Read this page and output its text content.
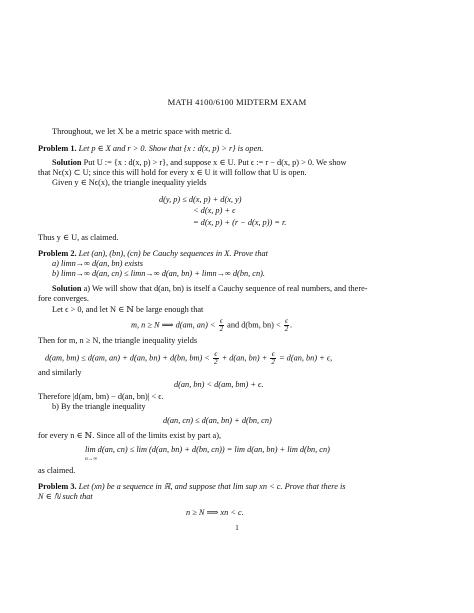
MATH 4100/6100 MIDTERM EXAM
Throughout, we let X be a metric space with metric d.
Problem 1. Let p ∈ X and r > 0. Show that {x : d(x, p) > r} is open.
Solution Put U := {x : d(x, p) > r}, and suppose x ∈ U. Put ϵ := r − d(x, p) > 0. We show
that Nϵ(x) ⊂ U; since this will hold for every x ∈ U it will follow that U is open.
Given y ∈ Nϵ(x), the triangle inequality yields
d(y, p) ≤ d(x, p) + d(x, y)
< d(x, p) + ϵ
= d(x, p) + (r − d(x, p)) = r.
Thus y ∈ U, as claimed.
Problem 2. Let (an), (bn), (cn) be Cauchy sequences in X. Prove that
a) limn→∞ d(an, bn) exists
b) limn→∞ d(an, cn) ≤ limn→∞ d(an, bn) + limn→∞ d(bn, cn).
Solution a) We will show that d(an, bn) is itself a Cauchy sequence of real numbers, and there-
fore converges.
Let ϵ > 0, and let N ∈ ℕ be large enough that
m, n ≥ N ⟹ d(am, $an) < \frac{\epsilon}{2}$ and d(bm, $bn) < \frac{\epsilon}{2}$ .
Then for m, n ≥ N, the triangle inequality yields
d(am, bm) ≤ d(am, an) + d(an, bn) + d(bn, $bm) < \frac{\epsilon}{2} + d(an$, $bn) + \frac{\epsilon}{2} = d(an$, bn) + ϵ,
and similarly
d(an, bn) < d(am, bm) + ϵ.
Therefore |d(am, bm) − d(an, bn)| < ϵ.
b) By the triangle inequality
d(an, cn) ≤ d(an, bn) + d(bn, cn)
for every n ∈ ℕ. Since all of the limits exist by part a),
lim d(an, cn) ≤ lim (d(an, bn) + d(bn, cn)) = lim d(an, bn) + lim d(bn, cn)
n→∞
as claimed.
Problem 3. Let (xn) be a sequence in ℝ, and suppose that lim sup xn < c. Prove that there is
N ∈ ℕ such that
n ≥ N ⟹ xn < c.
1
